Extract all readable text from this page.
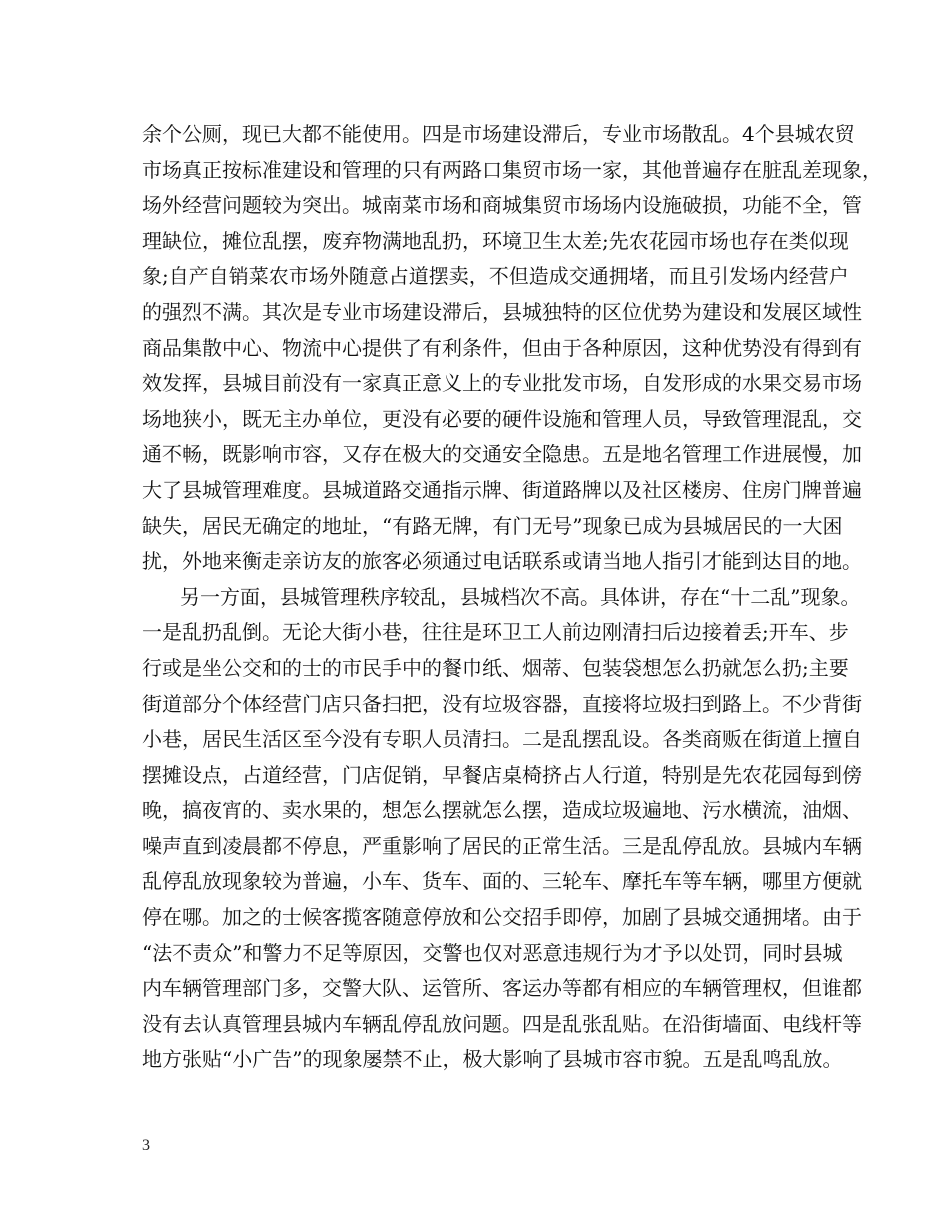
余个公厕，现已大都不能使用。四是市场建设滞后，专业市场散乱。4个县城农贸
市场真正按标准建设和管理的只有两路口集贸市场一家，其他普遍存在脏乱差现象，
场外经营问题较为突出。城南菜市场和商城集贸市场场内设施破损，功能不全，管
理缺位，摊位乱摆，废弃物满地乱扔，环境卫生太差;先农花园市场也存在类似现
象;自产自销菜农市场外随意占道摆卖，不但造成交通拥堵，而且引发场内经营户
的强烈不满。其次是专业市场建设滞后，县城独特的区位优势为建设和发展区域性
商品集散中心、物流中心提供了有利条件，但由于各种原因，这种优势没有得到有
效发挥，县城目前没有一家真正意义上的专业批发市场，自发形成的水果交易市场
场地狭小，既无主办单位，更没有必要的硬件设施和管理人员，导致管理混乱，交
通不畅，既影响市容，又存在极大的交通安全隐患。五是地名管理工作进展慢，加
大了县城管理难度。县城道路交通指示牌、街道路牌以及社区楼房、住房门牌普遍
缺失，居民无确定的地址，“有路无牌，有门无号”现象已成为县城居民的一大困
扰，外地来衡走亲访友的旅客必须通过电话联系或请当地人指引才能到达目的地。
另一方面，县城管理秩序较乱，县城档次不高。具体讲，存在“十二乱”现象。
一是乱扔乱倒。无论大街小巷，往往是环卫工人前边刚清扫后边接着丢;开车、步
行或是坐公交和的士的市民手中的餐巾纸、烟蒂、包装袋想怎么扔就怎么扔;主要
街道部分个体经营门店只备扫把，没有垃圾容器，直接将垃圾扫到路上。不少背街
小巷，居民生活区至今没有专职人员清扫。二是乱摆乱设。各类商贩在街道上擅自
摆摊设点，占道经营，门店促销，早餐店桌椅挤占人行道，特别是先农花园每到傍
晚，搞夜宵的、卖水果的，想怎么摆就怎么摆，造成垃圾遍地、污水横流，油烟、
噪声直到凌晨都不停息，严重影响了居民的正常生活。三是乱停乱放。县城内车辆
乱停乱放现象较为普遍，小车、货车、面的、三轮车、摩托车等车辆，哪里方便就
停在哪。加之的士候客揽客随意停放和公交招手即停，加剧了县城交通拥堵。由于
“法不责众”和警力不足等原因，交警也仅对恶意违规行为才予以处罚，同时县城
内车辆管理部门多，交警大队、运管所、客运办等都有相应的车辆管理权，但谁都
没有去认真管理县城内车辆乱停乱放问题。四是乱张乱贴。在沿街墙面、电线杆等
地方张贴“小广告”的现象屡禁不止，极大影响了县城市容市貌。五是乱鸣乱放。
3
